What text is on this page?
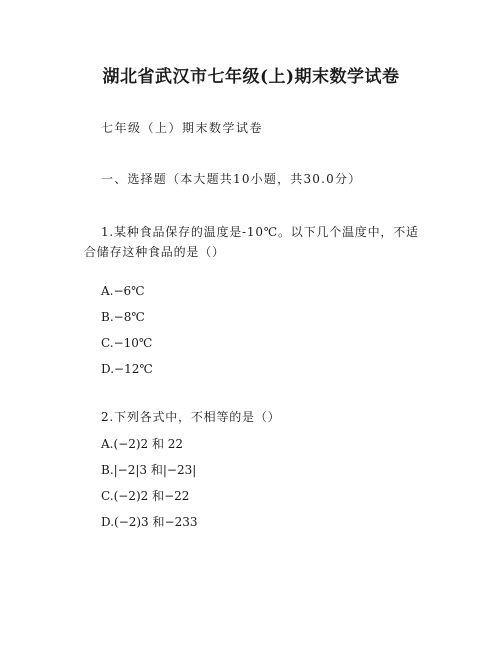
湖北省武汉市七年级(上)期末数学试卷

七年级（上）期末数学试卷

一、选择题（本大题共10小题，共30.0分）

1.某种食品保存的温度是-10℃。以下几个温度中，不适合储存这种食品的是（）

A.−6℃
B.−8℃
C.−10℃
D.−12℃

2.下列各式中，不相等的是（）

A.(−2)2 和 22
B.|−2|3 和|−23|
C.(−2)2 和−22
D.(−2)3 和−233
